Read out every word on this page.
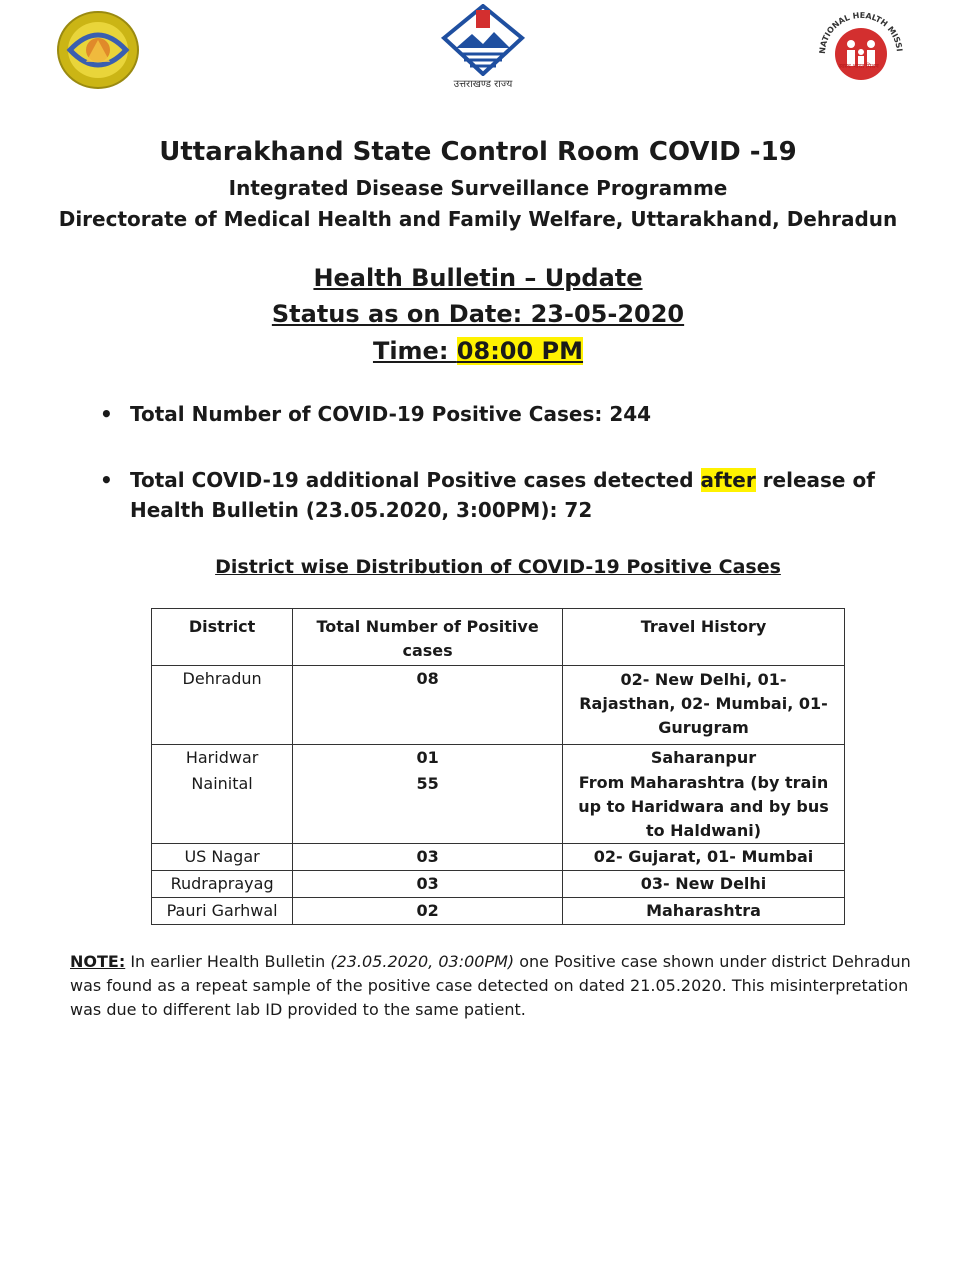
उत्तराखण्ड राज्य
NATIONAL HEALTH MISSI
स्वस्थ भारत मिशन
Uttarakhand State Control Room COVID -19
Integrated Disease Surveillance Programme
Directorate of Medical Health and Family Welfare, Uttarakhand, Dehradun
Health Bulletin – Update
Status as on Date: 23-05-2020
Time: 08:00 PM
• Total Number of COVID-19 Positive Cases: 244
• Total COVID-19 additional Positive cases detected after release of Health Bulletin (23.05.2020, 3:00PM): 72
District wise Distribution of COVID-19 Positive Cases
District	Total Number of Positive cases	Travel History
Dehradun	08	02- New Delhi, 01- Rajasthan, 02- Mumbai, 01- Gurugram
Haridwar	01	Saharanpur
Nainital	55	From Maharashtra (by train up to Haridwara and by bus to Haldwani)
US Nagar	03	02- Gujarat, 01- Mumbai
Rudraprayag	03	03- New Delhi
Pauri Garhwal	02	Maharashtra
NOTE: In earlier Health Bulletin (23.05.2020, 03:00PM) one Positive case shown under district Dehradun was found as a repeat sample of the positive case detected on dated 21.05.2020. This misinterpretation was due to different lab ID provided to the same patient.
